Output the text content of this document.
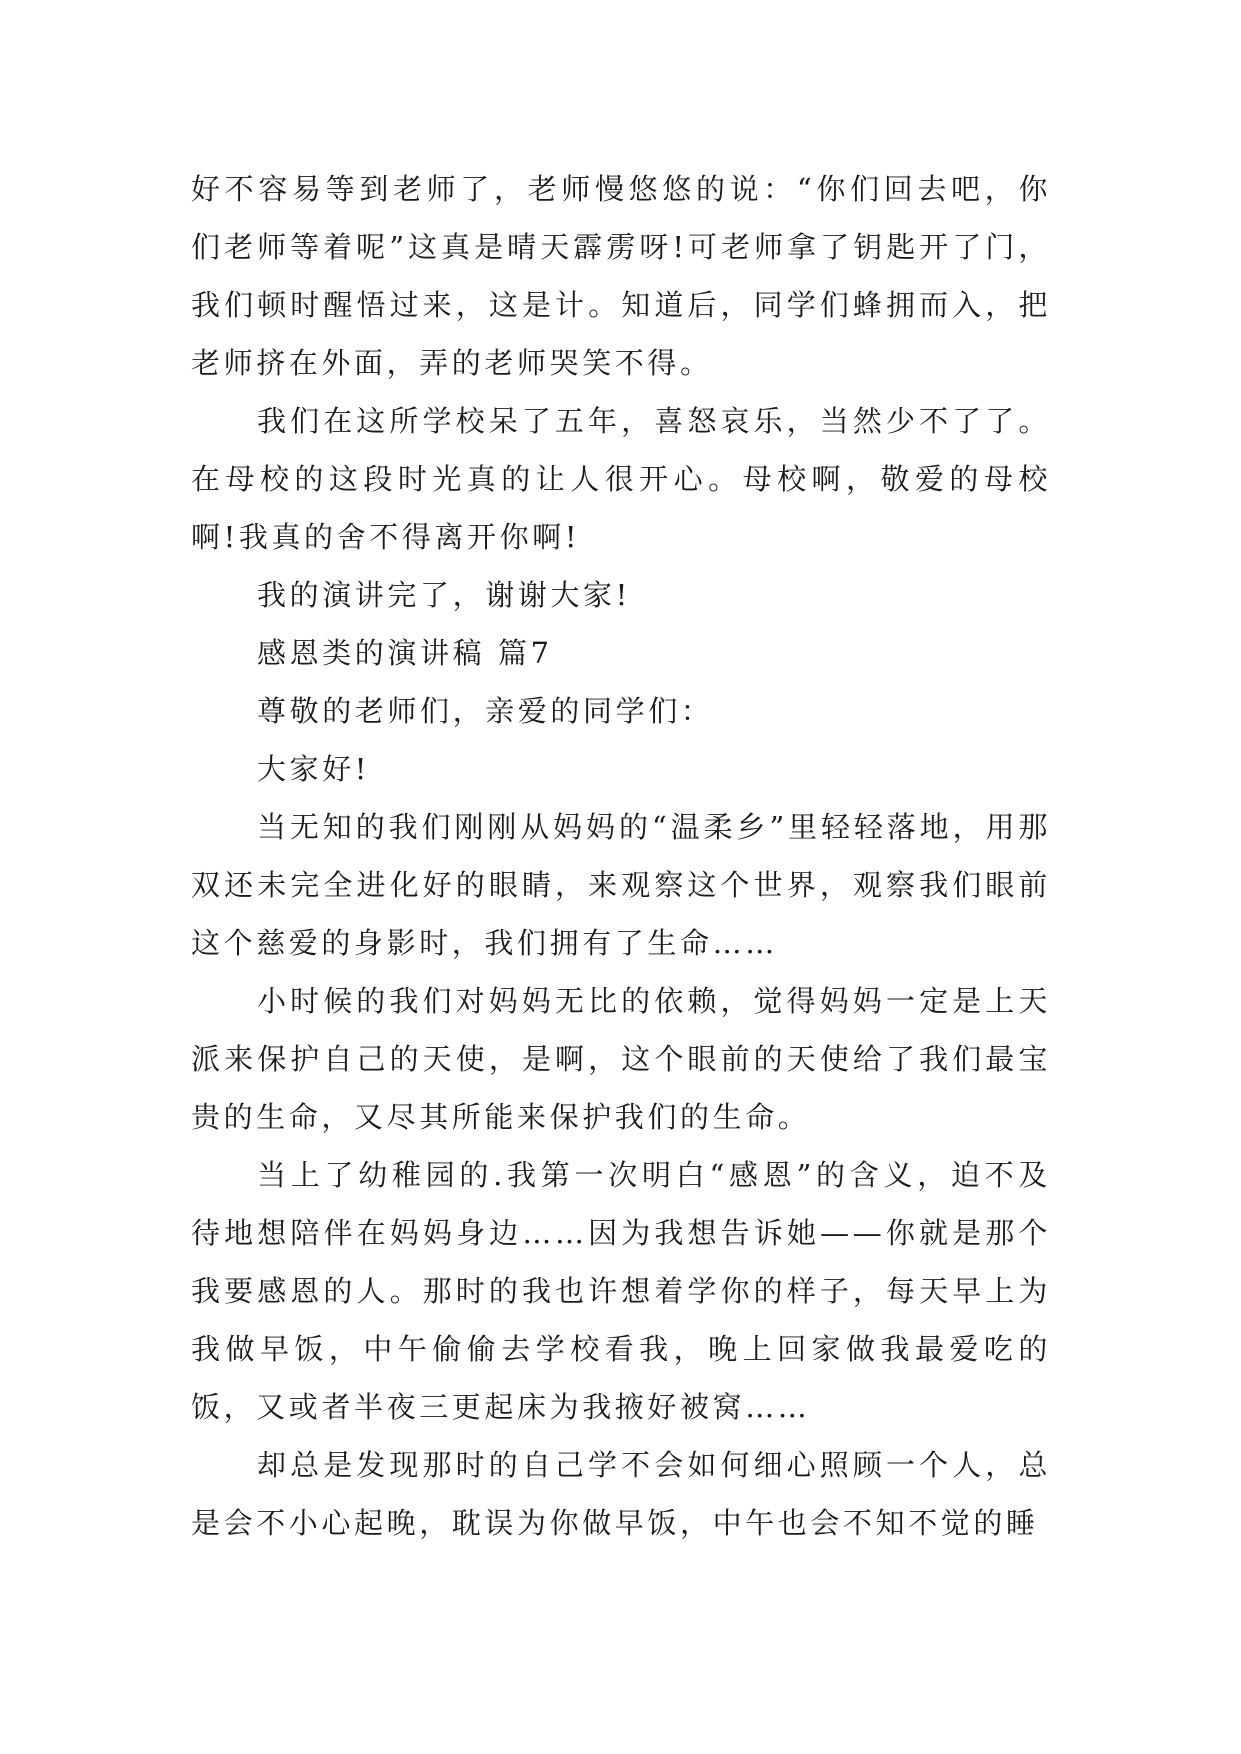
好不容易等到老师了，老师慢悠悠的说：“你们回去吧，你们老师等着呢”这真是晴天霹雳呀!可老师拿了钥匙开了门，我们顿时醒悟过来，这是计。知道后，同学们蜂拥而入，把老师挤在外面，弄的老师哭笑不得。

我们在这所学校呆了五年，喜怒哀乐，当然少不了了。在母校的这段时光真的让人很开心。母校啊，敬爱的母校啊!我真的舍不得离开你啊!

我的演讲完了，谢谢大家!

感恩类的演讲稿 篇7

尊敬的老师们，亲爱的同学们：

大家好!

当无知的我们刚刚从妈妈的“温柔乡”里轻轻落地，用那双还未完全进化好的眼睛，来观察这个世界，观察我们眼前这个慈爱的身影时，我们拥有了生命……

小时候的我们对妈妈无比的依赖，觉得妈妈一定是上天派来保护自己的天使，是啊，这个眼前的天使给了我们最宝贵的生命，又尽其所能来保护我们的生命。

当上了幼稚园的.我第一次明白“感恩”的含义，迫不及待地想陪伴在妈妈身边……因为我想告诉她——你就是那个我要感恩的人。那时的我也许想着学你的样子，每天早上为我做早饭，中午偷偷去学校看我，晚上回家做我最爱吃的饭，又或者半夜三更起床为我掖好被窝……

却总是发现那时的自己学不会如何细心照顾一个人，总是会不小心起晚，耽误为你做早饭，中午也会不知不觉的睡
